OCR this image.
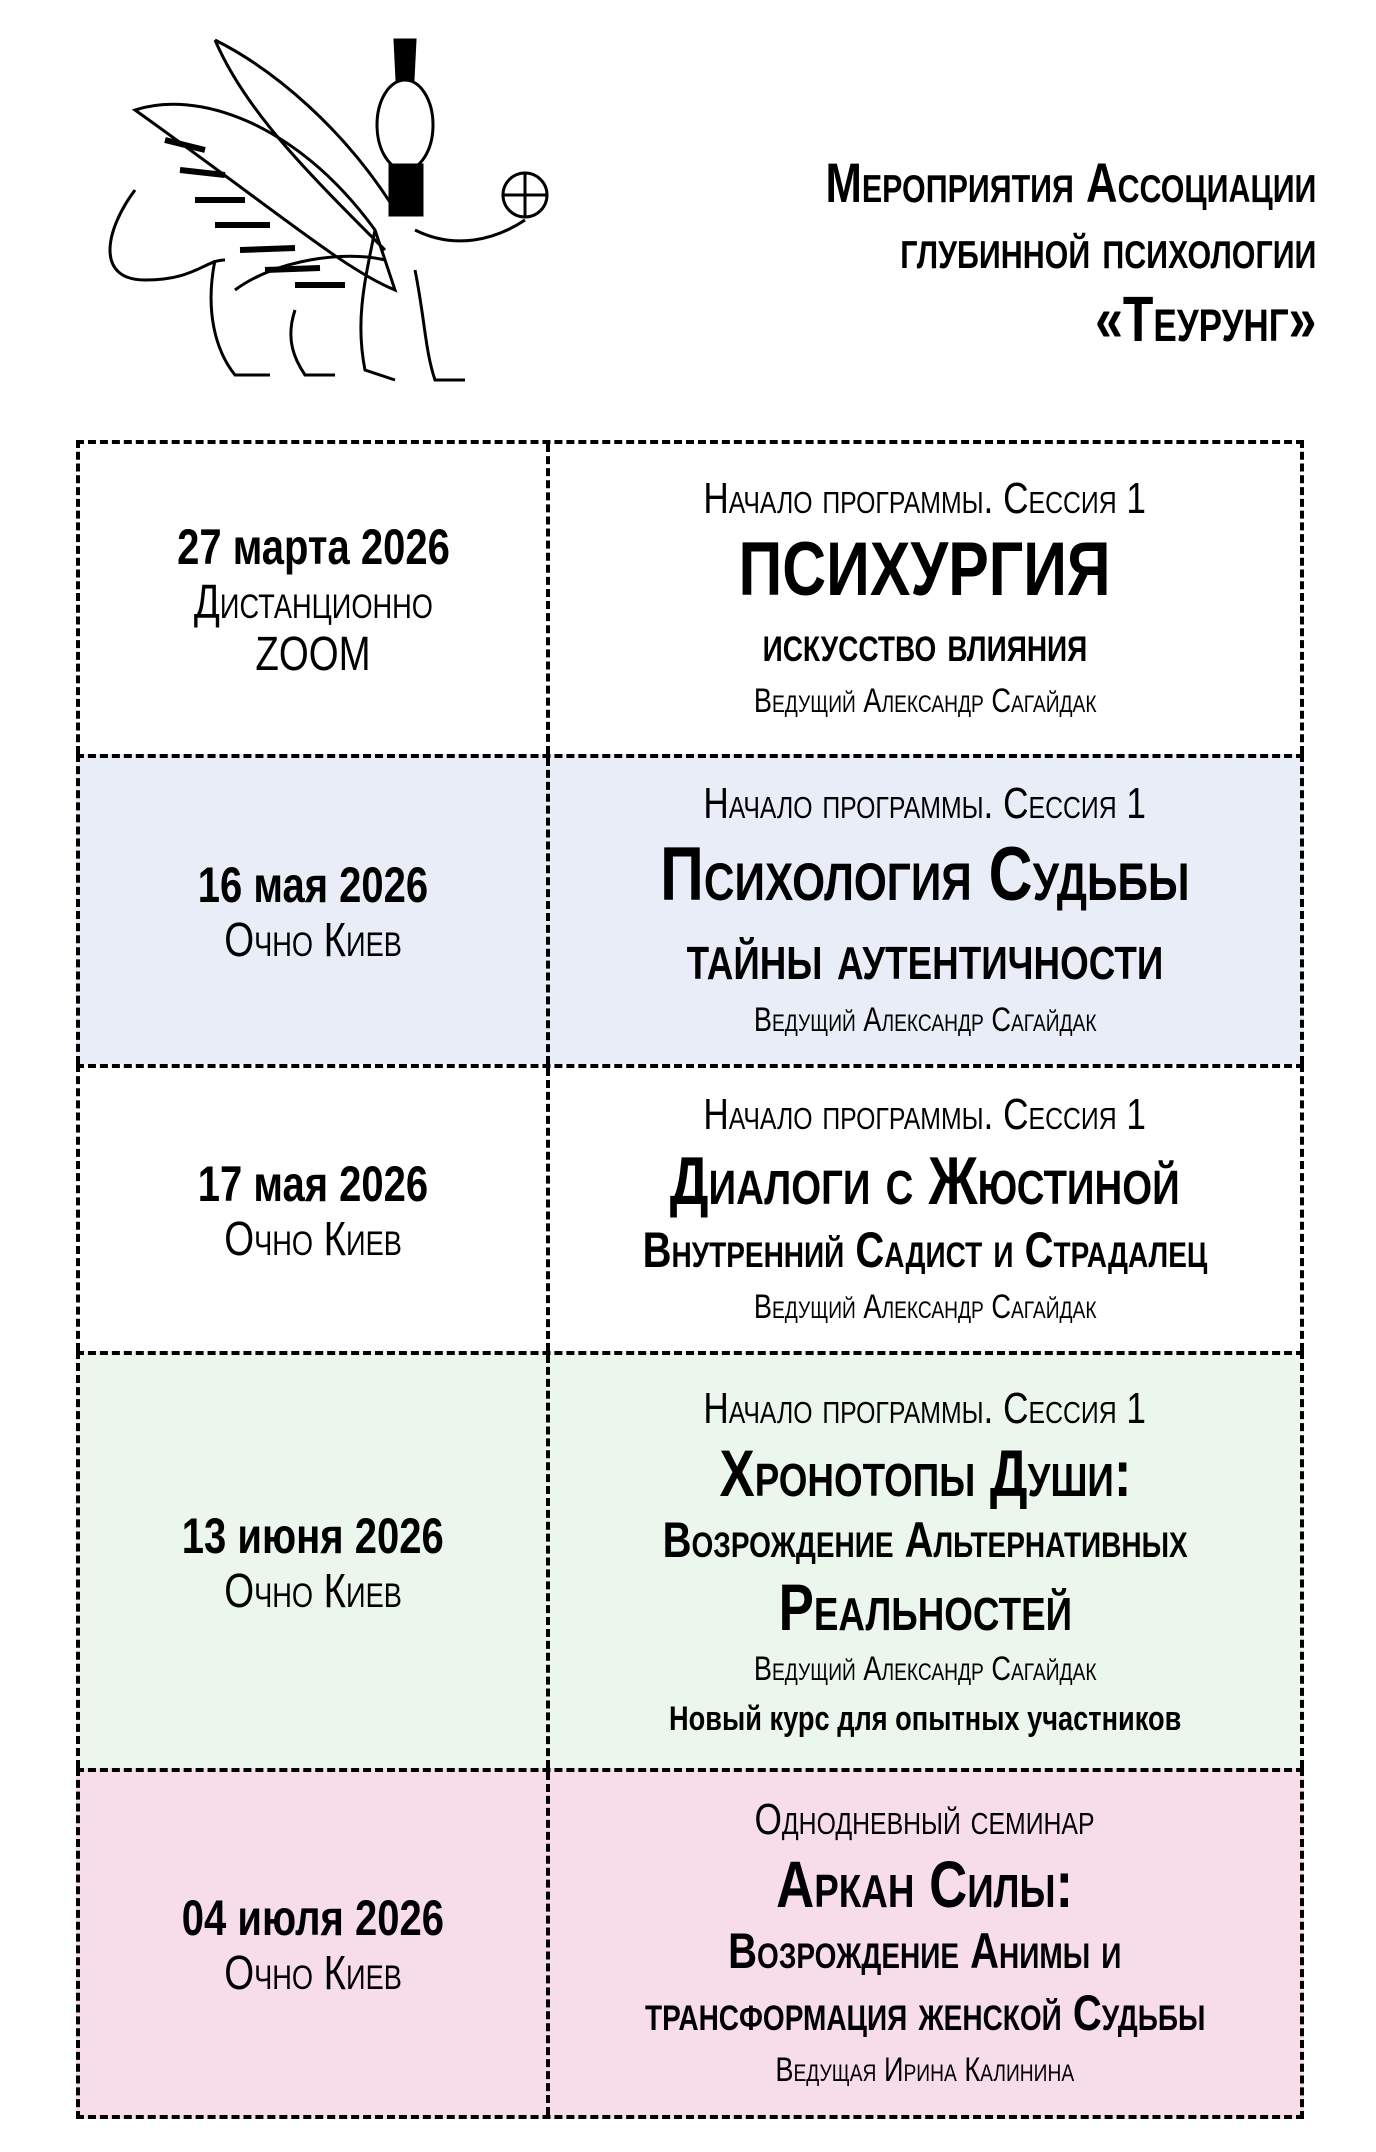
Мероприятия Ассоциации
глубинной психологии
«Теурунг»
27 марта 2026
Дистанционно
ZOOM
Начало программы. Сессия 1
ПСИХУРГИЯ
искусство влияния
Ведущий Александр Сагайдак
16 мая 2026
Очно Киев
Начало программы. Сессия 1
Психология Судьбы
тайны аутентичности
Ведущий Александр Сагайдак
17 мая 2026
Очно Киев
Начало программы. Сессия 1
Диалоги с Жюстиной
Внутренний Садист и Страдалец
Ведущий Александр Сагайдак
13 июня 2026
Очно Киев
Начало программы. Сессия 1
Хронотопы Души:
Возрождение Альтернативных
Реальностей
Ведущий Александр Сагайдак
Новый курс для опытных участников
04 июля 2026
Очно Киев
Однодневный семинар
Аркан Силы:
Возрождение Анимы и
трансформация женской Судьбы
Ведущая Ирина Калинина
